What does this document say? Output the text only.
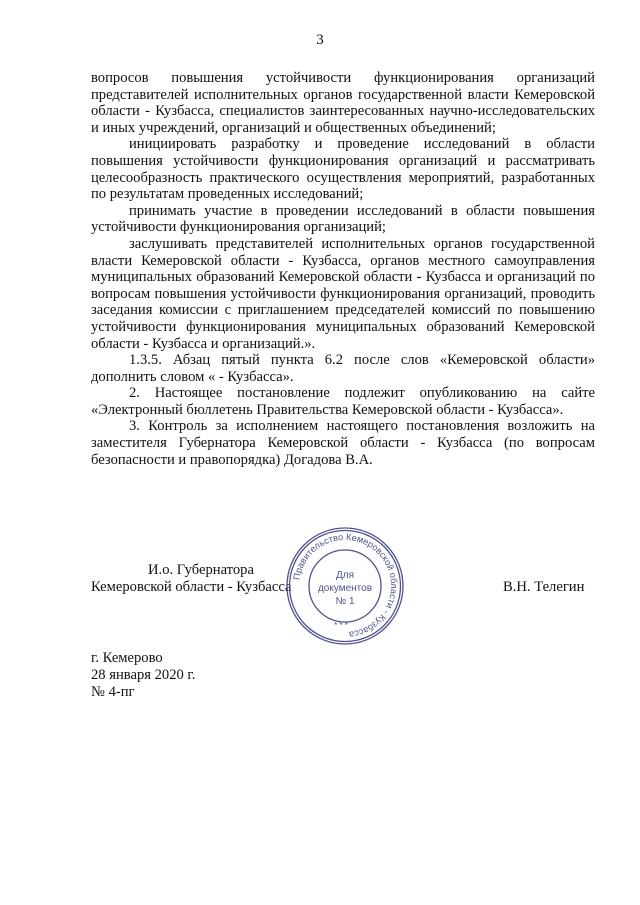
3

вопросов повышения устойчивости функционирования организаций представителей исполнительных органов государственной власти Кемеровской области - Кузбасса, специалистов заинтересованных научно-исследовательских и иных учреждений, организаций и общественных объединений;

инициировать разработку и проведение исследований в области повышения устойчивости функционирования организаций и рассматривать целесообразность практического осуществления мероприятий, разработанных по результатам проведенных исследований;

принимать участие в проведении исследований в области повышения устойчивости функционирования организаций;

заслушивать представителей исполнительных органов государственной власти Кемеровской области - Кузбасса, органов местного самоуправления муниципальных образований Кемеровской области - Кузбасса и организаций по вопросам повышения устойчивости функционирования организаций, проводить заседания комиссии с приглашением председателей комиссий по повышению устойчивости функционирования муниципальных образований Кемеровской области - Кузбасса и организаций.».

1.3.5. Абзац пятый пункта 6.2 после слов «Кемеровской области» дополнить словом « - Кузбасса».

2. Настоящее постановление подлежит опубликованию на сайте «Электронный бюллетень Правительства Кемеровской области - Кузбасса».

3. Контроль за исполнением настоящего постановления возложить на заместителя Губернатора Кемеровской области - Кузбасса (по вопросам безопасности и правопорядка) Догадова В.А.

И.о. Губернатора
Кемеровской области - Кузбасса	В.Н. Телегин
Правительство Кемеровской области - Кузбасса
* * *
Для
документов
№ 1
г. Кемерово
28 января 2020 г.
№ 4-пг
